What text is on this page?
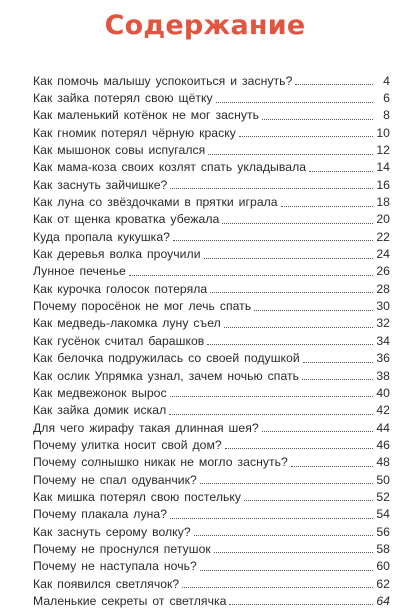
Содержание
Как помочь малышу успокоиться и заснуть?	4
Как зайка потерял свою щётку	6
Как маленький котёнок не мог заснуть	8
Как гномик потерял чёрную краску	10
Как мышонок совы испугался	12
Как мама-коза своих козлят спать укладывала	14
Как заснуть зайчишке?	16
Как луна со звёздочками в прятки играла	18
Как от щенка кроватка убежала	20
Куда пропала кукушка?	22
Как деревья волка проучили	24
Лунное печенье	26
Как курочка голосок потеряла	28
Почему поросёнок не мог лечь спать	30
Как медведь-лакомка луну съел	32
Как гусёнок считал барашков	34
Как белочка подружилась со своей подушкой	36
Как ослик Упрямка узнал, зачем ночью спать	38
Как медвежонок вырос	40
Как зайка домик искал	42
Для чего жирафу такая длинная шея?	44
Почему улитка носит свой дом?	46
Почему солнышко никак не могло заснуть?	48
Почему не спал одуванчик?	50
Как мишка потерял свою постельку	52
Почему плакала луна?	54
Как заснуть серому волку?	56
Почему не проснулся петушок	58
Почему не наступала ночь?	60
Как появился светлячок?	62
Маленькие секреты от светлячка	64
